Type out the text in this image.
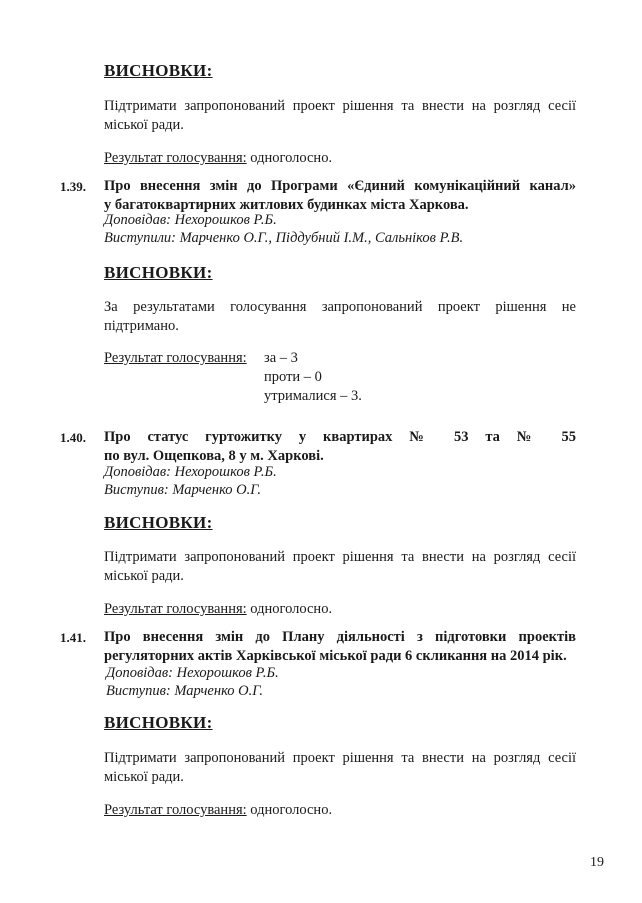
ВИСНОВКИ:
Підтримати запропонований проект рішення та внести на розгляд сесії
міської ради.
Результат голосування: одноголосно.
1.39. Про внесення змін до Програми «Єдиний комунікаційний канал»
у багатоквартирних житлових будинках міста Харкова.
Доповідав: Нехорошков Р.Б.
Виступили: Марченко О.Г., Піддубний І.М., Сальніков Р.В.
ВИСНОВКИ:
За результатами голосування запропонований проект рішення не
підтримано.
Результат голосування: за – 3
проти – 0
утрималися – 3.
1.40. Про статус гуртожитку у квартирах № 53 та № 55
по вул. Ощепкова, 8 у м. Харкові.
Доповідав: Нехорошков Р.Б.
Виступив: Марченко О.Г.
ВИСНОВКИ:
Підтримати запропонований проект рішення та внести на розгляд сесії
міської ради.
Результат голосування: одноголосно.
1.41. Про внесення змін до Плану діяльності з підготовки проектів
регуляторних актів Харківської міської ради 6 скликання на 2014 рік.
Доповідав: Нехорошков Р.Б.
Виступив: Марченко О.Г.
ВИСНОВКИ:
Підтримати запропонований проект рішення та внести на розгляд сесії
міської ради.
Результат голосування: одноголосно.
19
